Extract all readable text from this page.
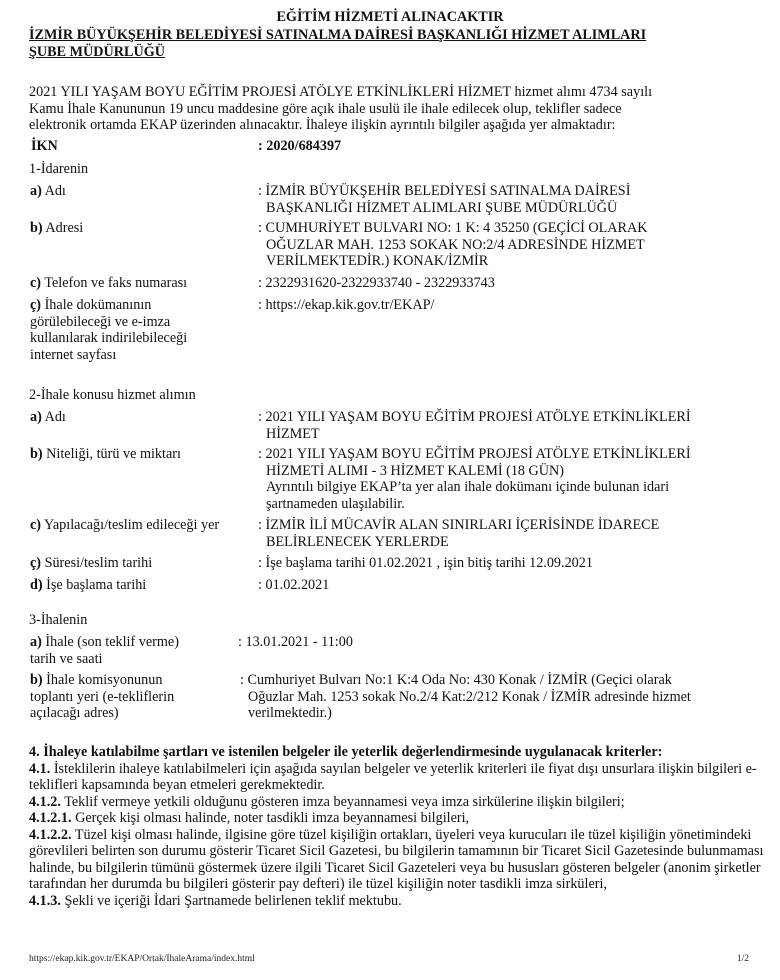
EĞİTİM HİZMETİ ALINACAKTIR
İZMİR BÜYÜKŞEHİR BELEDİYESİ SATINALMA DAİRESİ BAŞKANLIĞI HİZMET ALIMLARI
ŞUBE MÜDÜRLÜĞÜ
2021 YILI YAŞAM BOYU EĞİTİM PROJESİ ATÖLYE ETKİNLİKLERİ HİZMET hizmet alımı 4734 sayılı
Kamu İhale Kanununun 19 uncu maddesine göre açık ihale usulü ile ihale edilecek olup, teklifler sadece
elektronik ortamda EKAP üzerinden alınacaktır. İhaleye ilişkin ayrıntılı bilgiler aşağıda yer almaktadır:
İKN	: 2020/684397
1-İdarenin
a) Adı	: İZMİR BÜYÜKŞEHİR BELEDİYESİ SATINALMA DAİRESİ
BAŞKANLIĞI HİZMET ALIMLARI ŞUBE MÜDÜRLÜĞÜ
b) Adresi	: CUMHURİYET BULVARI NO: 1 K: 4 35250 (GEÇİCİ OLARAK
OĞUZLAR MAH. 1253 SOKAK NO:2/4 ADRESİNDE HİZMET
VERİLMEKTEDİR.) KONAK/İZMİR
c) Telefon ve faks numarası	: 2322931620-2322933740 - 2322933743
ç) İhale dokümanının
görülebileceği ve e-imza
kullanılarak indirilebileceği
internet sayfası
: https://ekap.kik.gov.tr/EKAP/
2-İhale konusu hizmet alımın
a) Adı	: 2021 YILI YAŞAM BOYU EĞİTİM PROJESİ ATÖLYE ETKİNLİKLERİ
HİZMET
b) Niteliği, türü ve miktarı	: 2021 YILI YAŞAM BOYU EĞİTİM PROJESİ ATÖLYE ETKİNLİKLERİ
HİZMETİ ALIMI - 3 HİZMET KALEMİ (18 GÜN)
Ayrıntılı bilgiye EKAP’ta yer alan ihale dokümanı içinde bulunan idari
şartnameden ulaşılabilir.
c) Yapılacağı/teslim edileceği yer	: İZMİR İLİ MÜCAVİR ALAN SINIRLARI İÇERİSİNDE İDARECE
BELİRLENECEK YERLERDE
ç) Süresi/teslim tarihi	: İşe başlama tarihi 01.02.2021 , işin bitiş tarihi 12.09.2021
d) İşe başlama tarihi	: 01.02.2021
3-İhalenin
a) İhale (son teklif verme)
tarih ve saati
: 13.01.2021 - 11:00
b) İhale komisyonunun
toplantı yeri (e-tekliflerin
açılacağı adres)
: Cumhuriyet Bulvarı No:1 K:4 Oda No: 430 Konak / İZMİR (Geçici olarak
Oğuzlar Mah. 1253 sokak No.2/4 Kat:2/212 Konak / İZMİR adresinde hizmet
verilmektedir.)
4. İhaleye katılabilme şartları ve istenilen belgeler ile yeterlik değerlendirmesinde uygulanacak kriterler:
4.1. İsteklilerin ihaleye katılabilmeleri için aşağıda sayılan belgeler ve yeterlik kriterleri ile fiyat dışı unsurlara ilişkin bilgileri e-teklifleri kapsamında beyan etmeleri gerekmektedir.
4.1.2. Teklif vermeye yetkili olduğunu gösteren imza beyannamesi veya imza sirkülerine ilişkin bilgileri;
4.1.2.1. Gerçek kişi olması halinde, noter tasdikli imza beyannamesi bilgileri,
4.1.2.2. Tüzel kişi olması halinde, ilgisine göre tüzel kişiliğin ortakları, üyeleri veya kurucuları ile tüzel kişiliğin yönetimindeki görevlileri belirten son durumu gösterir Ticaret Sicil Gazetesi, bu bilgilerin tamamının bir Ticaret Sicil Gazetesinde bulunmaması halinde, bu bilgilerin tümünü göstermek üzere ilgili Ticaret Sicil Gazeteleri veya bu hususları gösteren belgeler (anonim şirketler tarafından her durumda bu bilgileri gösterir pay defteri) ile tüzel kişiliğin noter tasdikli imza sirküleri,
4.1.3. Şekli ve içeriği İdari Şartnamede belirlenen teklif mektubu.
https://ekap.kik.gov.tr/EKAP/Ortak/IhaleArama/index.html	1/2
